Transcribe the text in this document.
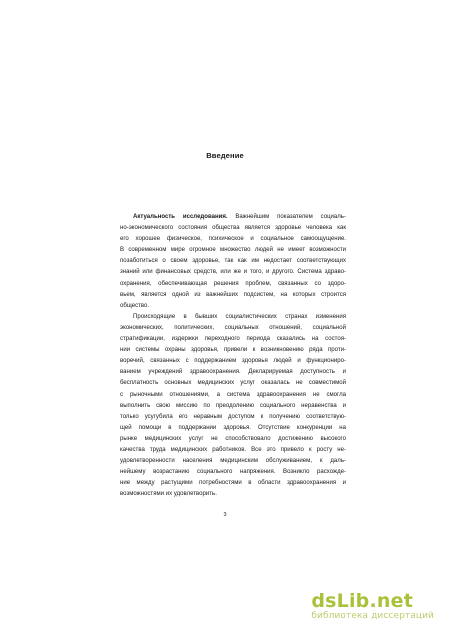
Введение
Актуальность исследования. Важнейшим показателем социаль-
но-экономического состояния общества является здоровье человека как
его хорошее физическое, психическое и социальное самоощущение.
В современном мире огромное множество людей не имеет возможности
позаботиться о своем здоровье, так как им недостает соответствующих
знаний или финансовых средств, или же и того, и другого. Система здраво-
охранения, обеспечивающая решения проблем, связанных со здоро-
вьем, является одной из важнейших подсистем, на которых строится
общество.
Происходящие в бывших социалистических странах изменения
экономических, политических, социальных отношений, социальной
стратификации, издержки переходного периода сказались на состоя-
нии системы охраны здоровья, привели к возникновению ряда проти-
воречий, связанных с поддержанием здоровья людей и функциониро-
ванием учреждений здравоохранения. Декларируемая доступность и
бесплатность основных медицинских услуг оказалась не совместимой
с рыночными отношениями, а система здравоохранения не смогла
выполнить свою миссию по преодолению социального неравенства и
только усугубила его неравным доступом к получению соответствую-
щей помощи в поддержании здоровья. Отсутствие конкуренции на
рынке медицинских услуг не способствовало достижению высокого
качества труда медицинских работников. Все это привело к росту не-
удовлетворенности населения медицинским обслуживанием, к даль-
нейшему возрастанию социального напряжения. Возникло расхожде-
ние между растущими потребностями в области здравоохранения и
возможностями их удовлетворить.
3
dsLib.net
библиотека диссертаций
